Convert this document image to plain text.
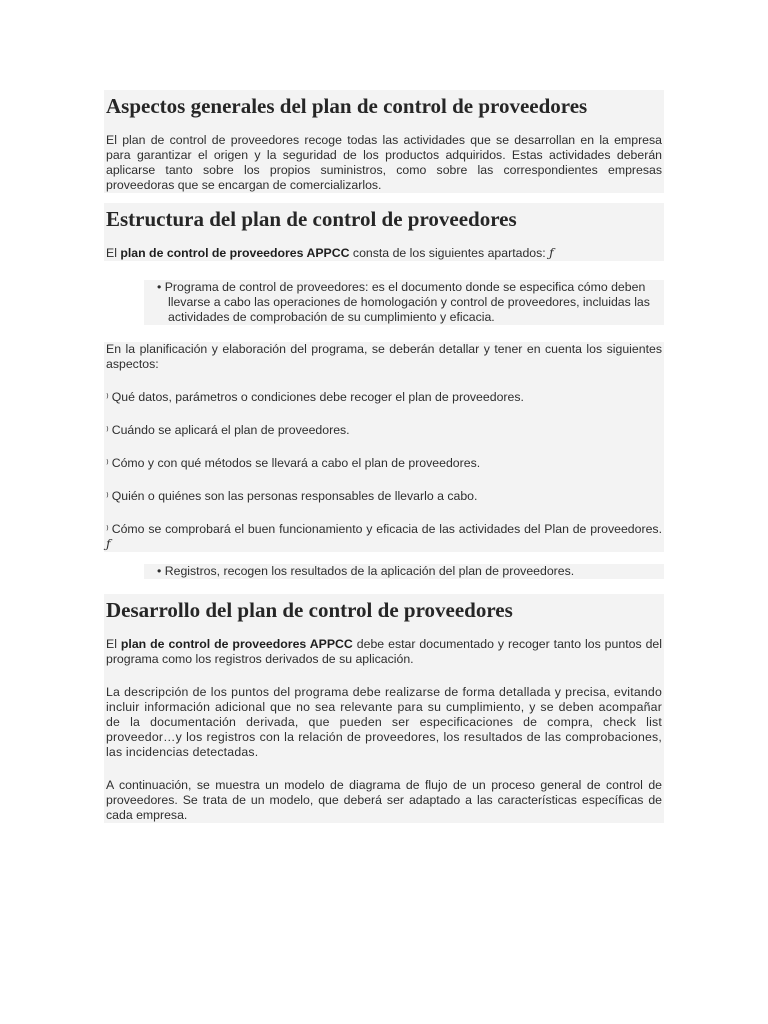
Aspectos generales del plan de control de proveedores

El plan de control de proveedores recoge todas las actividades que se desarrollan en la empresa para garantizar el origen y la seguridad de los productos adquiridos. Estas actividades deberán aplicarse tanto sobre los propios suministros, como sobre las correspondientes empresas proveedoras que se encargan de comercializarlos.

Estructura del plan de control de proveedores

El plan de control de proveedores APPCC consta de los siguientes apartados: ƒ

• Programa de control de proveedores: es el documento donde se especifica cómo deben llevarse a cabo las operaciones de homologación y control de proveedores, incluidas las actividades de comprobación de su cumplimiento y eficacia.

En la planificación y elaboración del programa, se deberán detallar y tener en cuenta los siguientes aspectos:

⁾ Qué datos, parámetros o condiciones debe recoger el plan de proveedores.

⁾ Cuándo se aplicará el plan de proveedores.

⁾ Cómo y con qué métodos se llevará a cabo el plan de proveedores.

⁾ Quién o quiénes son las personas responsables de llevarlo a cabo.

⁾ Cómo se comprobará el buen funcionamiento y eficacia de las actividades del Plan de proveedores. ƒ

• Registros, recogen los resultados de la aplicación del plan de proveedores.

Desarrollo del plan de control de proveedores

El plan de control de proveedores APPCC debe estar documentado y recoger tanto los puntos del programa como los registros derivados de su aplicación.

La descripción de los puntos del programa debe realizarse de forma detallada y precisa, evitando incluir información adicional que no sea relevante para su cumplimiento, y se deben acompañar de la documentación derivada, que pueden ser especificaciones de compra, check list proveedor…y los registros con la relación de proveedores, los resultados de las comprobaciones, las incidencias detectadas.

A continuación, se muestra un modelo de diagrama de flujo de un proceso general de control de proveedores. Se trata de un modelo, que deberá ser adaptado a las características específicas de cada empresa.
